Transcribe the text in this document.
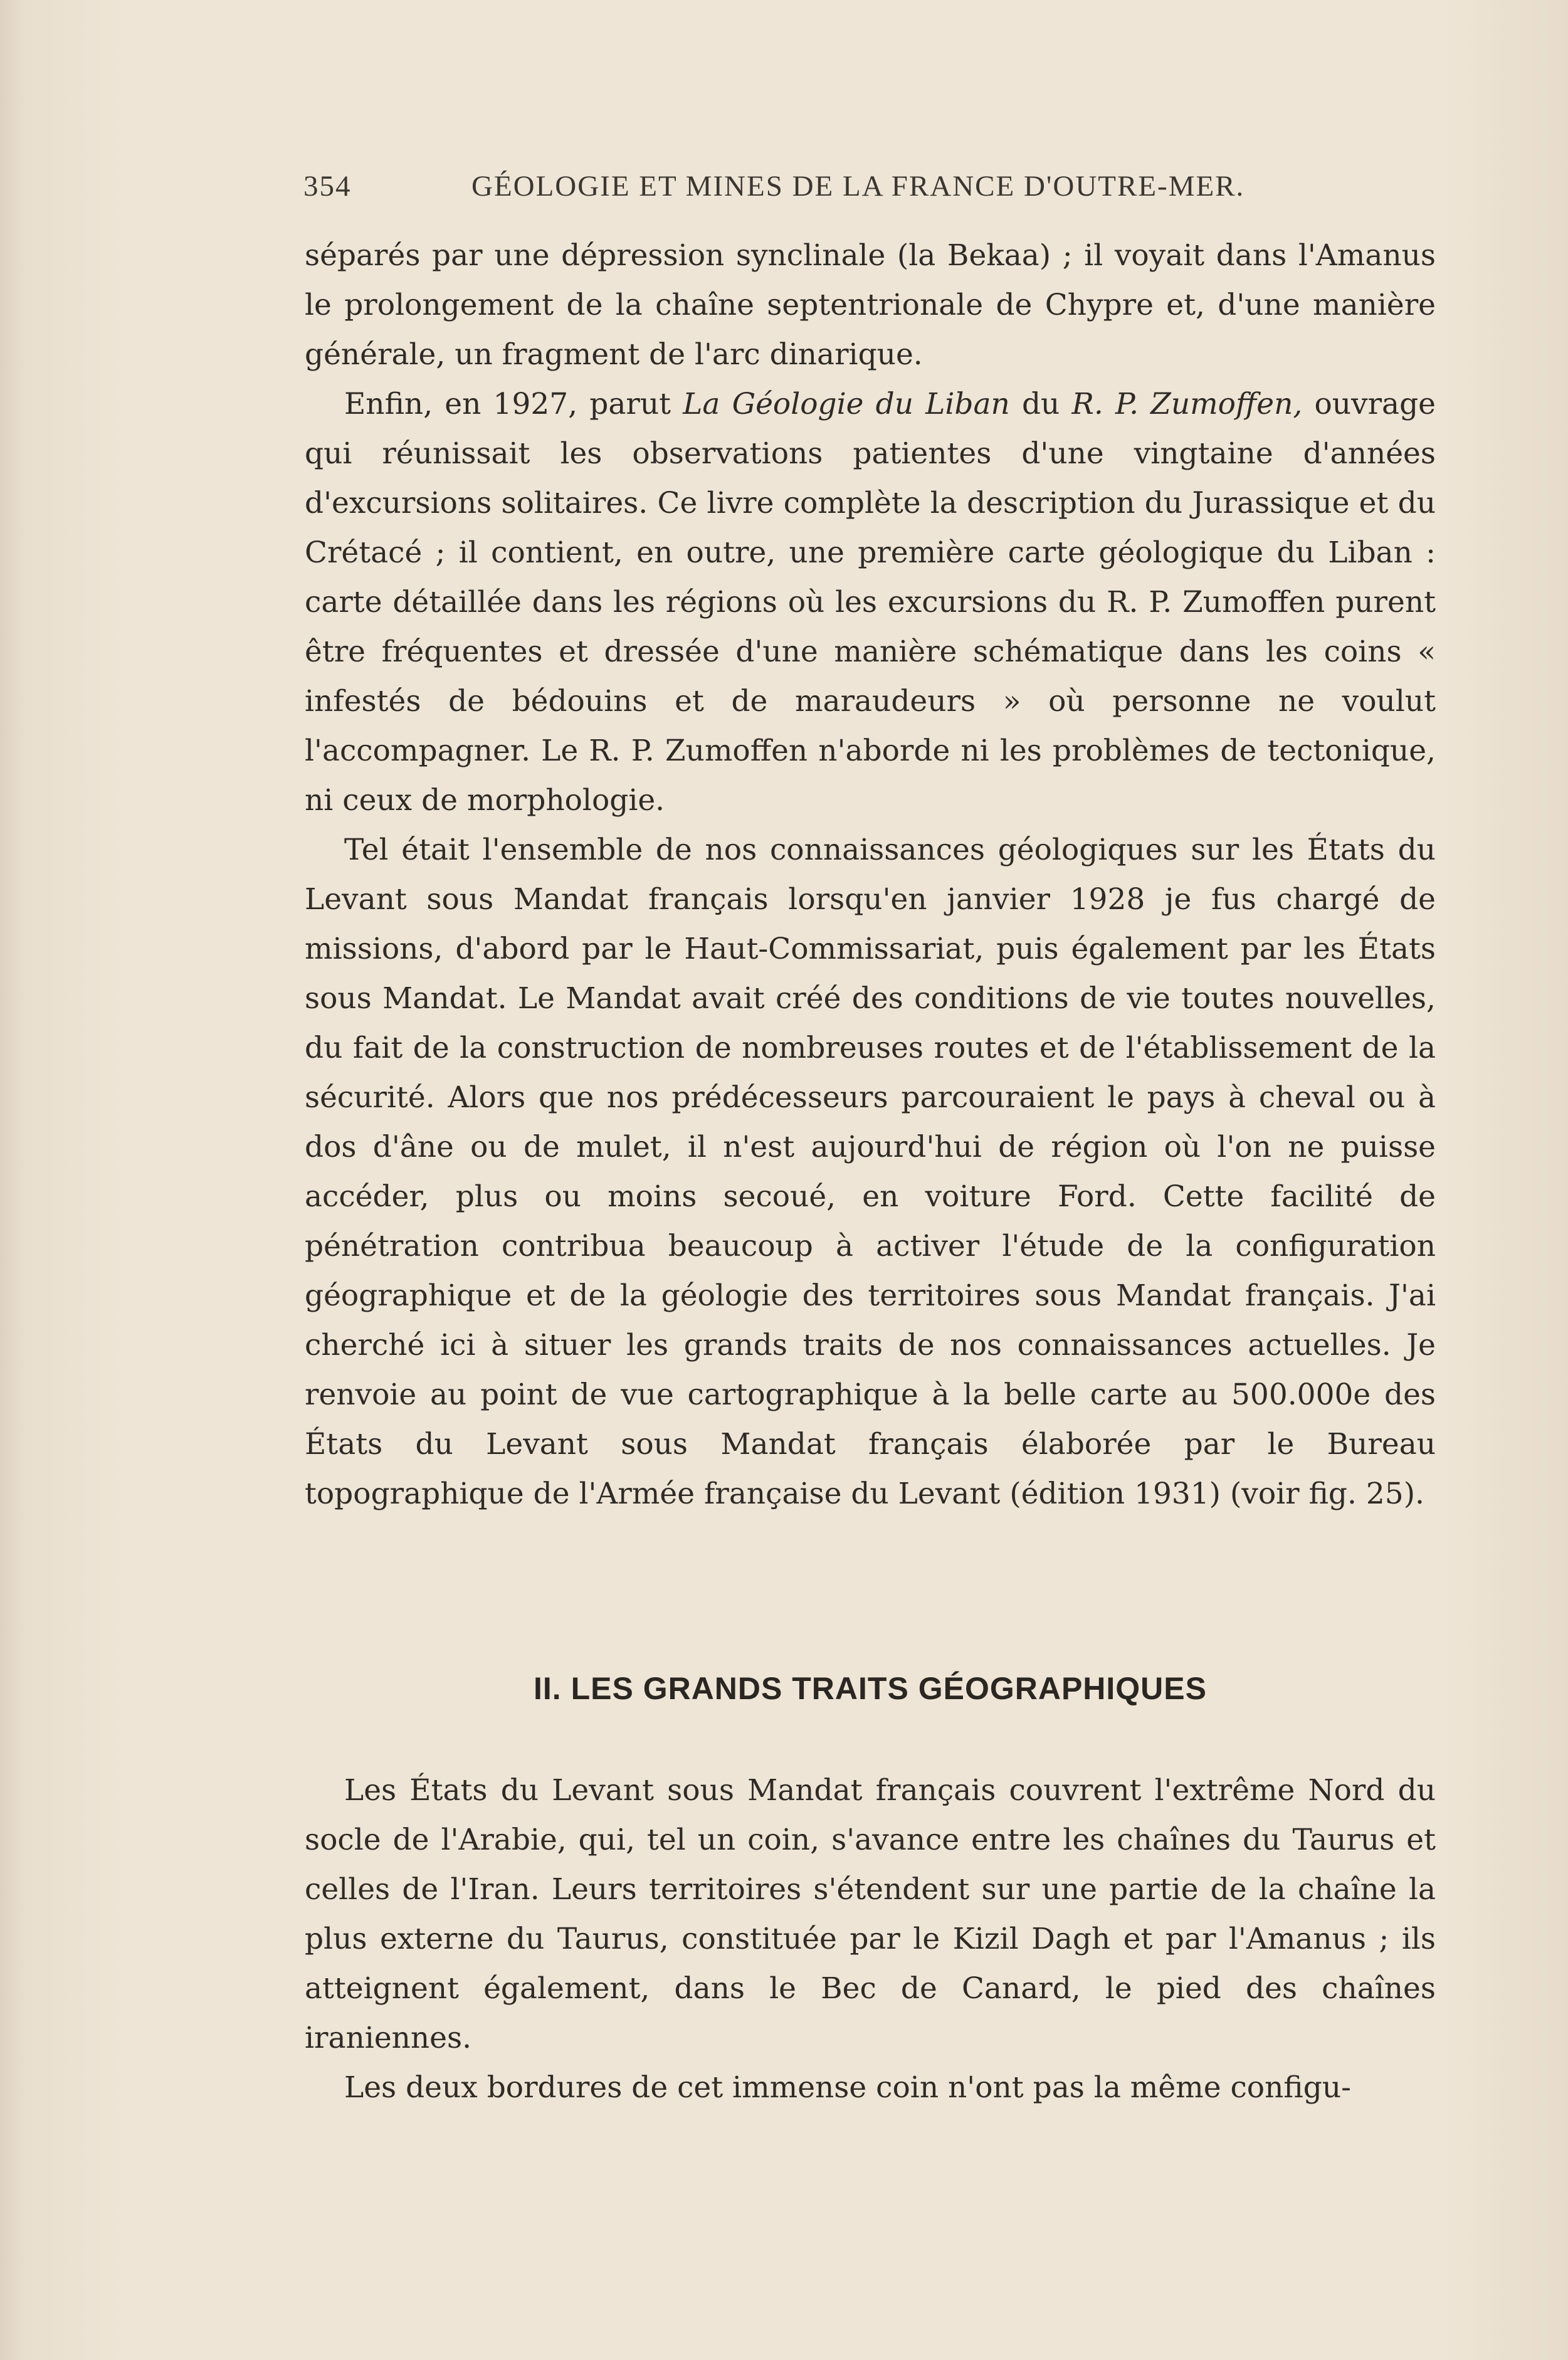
354	GÉOLOGIE ET MINES DE LA FRANCE D'OUTRE-MER.

séparés par une dépression synclinale (la Bekaa) ; il voyait dans l'Amanus le prolongement de la chaîne septentrionale de Chypre et, d'une manière générale, un fragment de l'arc dinarique.

Enfin, en 1927, parut La Géologie du Liban du R. P. Zumoffen, ouvrage qui réunissait les observations patientes d'une vingtaine d'années d'excursions solitaires. Ce livre complète la description du Jurassique et du Crétacé ; il contient, en outre, une première carte géologique du Liban : carte détaillée dans les régions où les excursions du R. P. Zumoffen purent être fréquentes et dressée d'une manière schématique dans les coins « infestés de bédouins et de maraudeurs » où personne ne voulut l'accompagner. Le R. P. Zumoffen n'aborde ni les problèmes de tectonique, ni ceux de morphologie.

Tel était l'ensemble de nos connaissances géologiques sur les États du Levant sous Mandat français lorsqu'en janvier 1928 je fus chargé de missions, d'abord par le Haut-Commissariat, puis également par les États sous Mandat. Le Mandat avait créé des conditions de vie toutes nouvelles, du fait de la construction de nombreuses routes et de l'établissement de la sécurité. Alors que nos prédécesseurs parcouraient le pays à cheval ou à dos d'âne ou de mulet, il n'est aujourd'hui de région où l'on ne puisse accéder, plus ou moins secoué, en voiture Ford. Cette facilité de pénétration contribua beaucoup à activer l'étude de la configuration géographique et de la géologie des territoires sous Mandat français. J'ai cherché ici à situer les grands traits de nos connaissances actuelles. Je renvoie au point de vue cartographique à la belle carte au 500.000e des États du Levant sous Mandat français élaborée par le Bureau topographique de l'Armée française du Levant (édition 1931) (voir fig. 25).

II. LES GRANDS TRAITS GÉOGRAPHIQUES

Les États du Levant sous Mandat français couvrent l'extrême Nord du socle de l'Arabie, qui, tel un coin, s'avance entre les chaînes du Taurus et celles de l'Iran. Leurs territoires s'étendent sur une partie de la chaîne la plus externe du Taurus, constituée par le Kizil Dagh et par l'Amanus ; ils atteignent également, dans le Bec de Canard, le pied des chaînes iraniennes.

Les deux bordures de cet immense coin n'ont pas la même configu-
